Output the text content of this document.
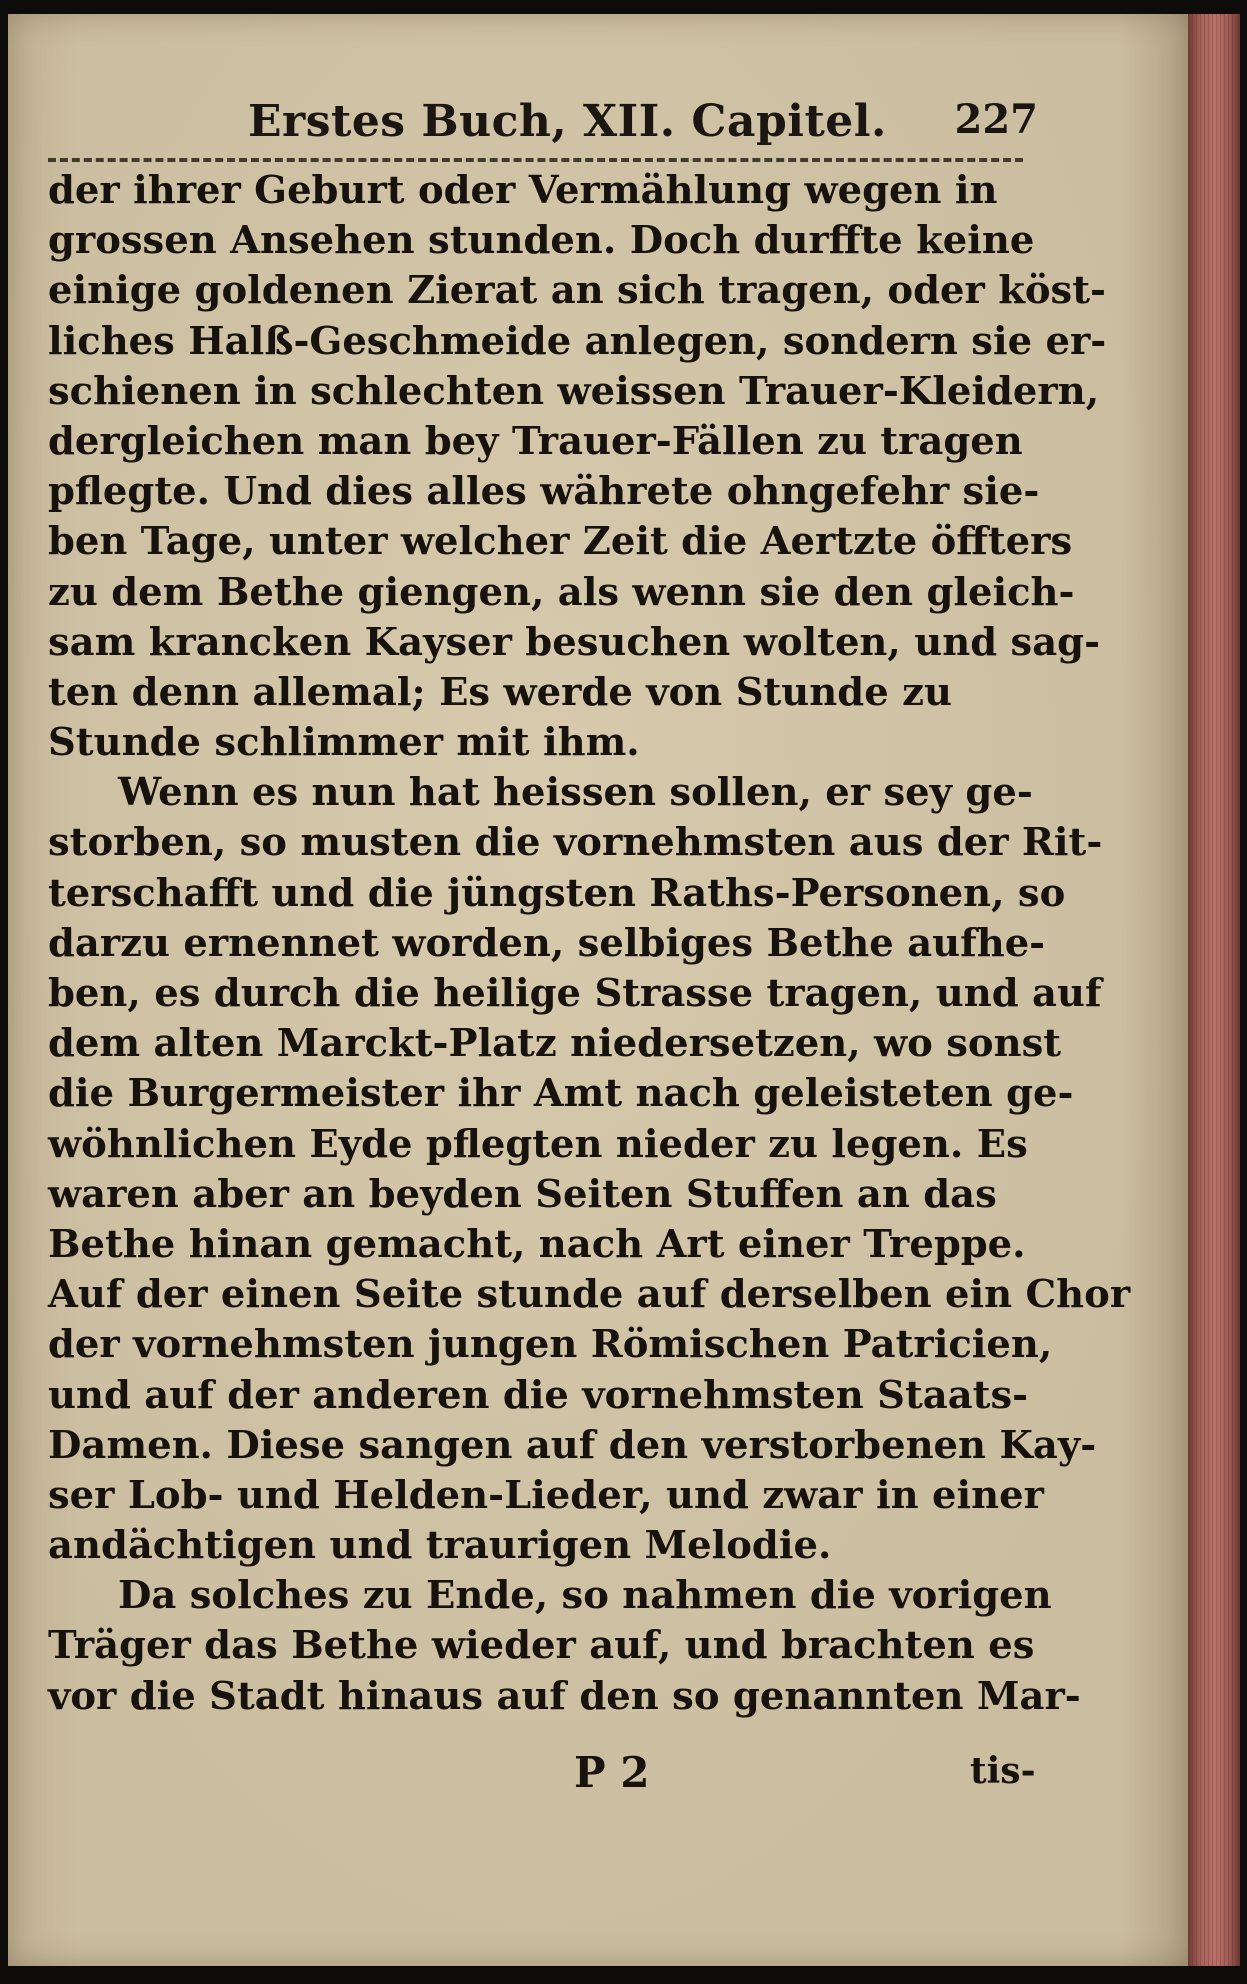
Erstes Buch, XII. Capitel. 227
der ihrer Geburt oder Vermählung wegen in
grossen Ansehen stunden. Doch durffte keine
einige goldenen Zierat an sich tragen, oder köst-
liches Halß-Geschmeide anlegen, sondern sie er-
schienen in schlechten weissen Trauer-Kleidern,
dergleichen man bey Trauer-Fällen zu tragen
pflegte. Und dies alles währete ohngefehr sie-
ben Tage, unter welcher Zeit die Aertzte öffters
zu dem Bethe giengen, als wenn sie den gleich-
sam krancken Kayser besuchen wolten, und sag-
ten denn allemal; Es werde von Stunde zu
Stunde schlimmer mit ihm.
Wenn es nun hat heissen sollen, er sey ge-
storben, so musten die vornehmsten aus der Rit-
terschafft und die jüngsten Raths-Personen, so
darzu ernennet worden, selbiges Bethe aufhe-
ben, es durch die heilige Strasse tragen, und auf
dem alten Marckt-Platz niedersetzen, wo sonst
die Burgermeister ihr Amt nach geleisteten ge-
wöhnlichen Eyde pflegten nieder zu legen. Es
waren aber an beyden Seiten Stuffen an das
Bethe hinan gemacht, nach Art einer Treppe.
Auf der einen Seite stunde auf derselben ein Chor
der vornehmsten jungen Römischen Patricien,
und auf der anderen die vornehmsten Staats-
Damen. Diese sangen auf den verstorbenen Kay-
ser Lob- und Helden-Lieder, und zwar in einer
andächtigen und traurigen Melodie.
Da solches zu Ende, so nahmen die vorigen
Träger das Bethe wieder auf, und brachten es
vor die Stadt hinaus auf den so genannten Mar-
P 2	tis-
